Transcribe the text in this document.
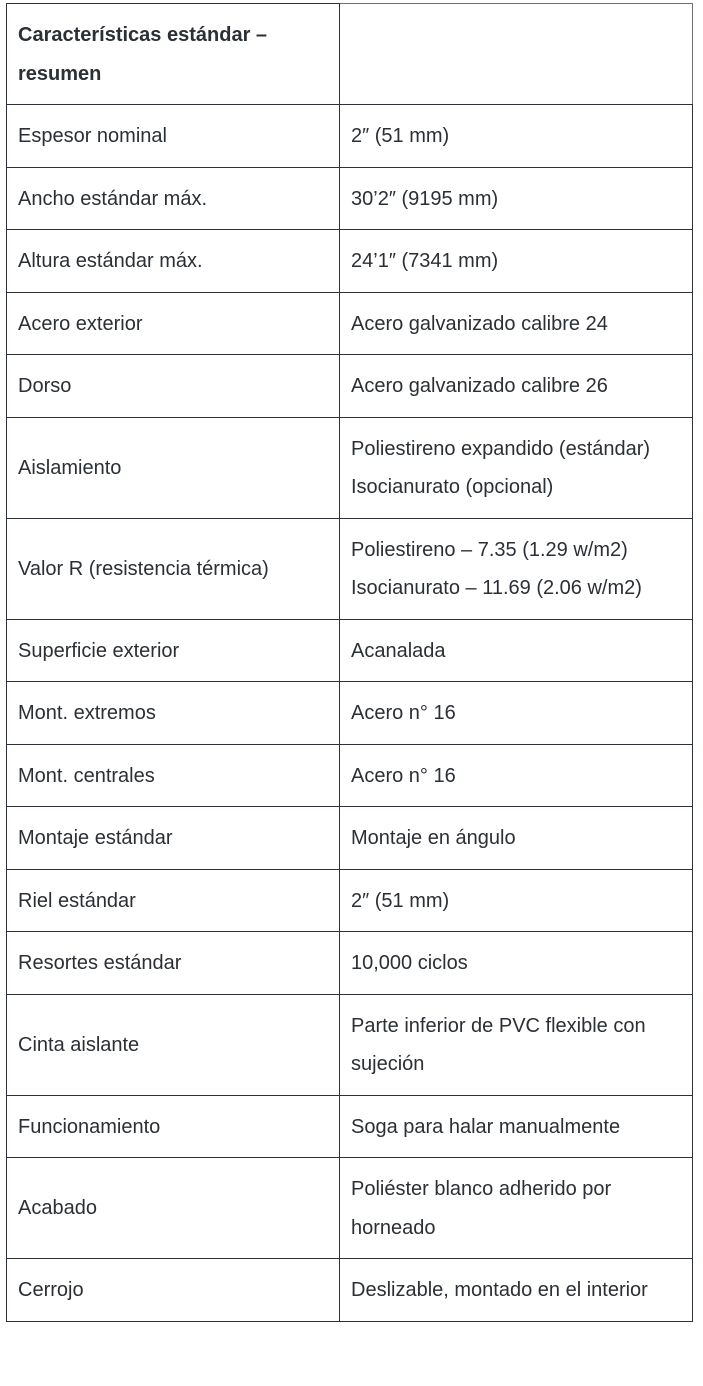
Características estándar – resumen	
Espesor nominal	2″ (51 mm)

Ancho estándar máx.	30’2″ (9195 mm)

Altura estándar máx.	24’1″ (7341 mm)

Acero exterior	Acero galvanizado calibre 24

Dorso	Acero galvanizado calibre 26

Aislamiento	Poliestireno expandido (estándar)
Isocianurato (opcional)
Valor R (resistencia térmica)	Poliestireno – 7.35 (1.29 w/m2)
Isocianurato – 11.69 (2.06 w/m2)

Superficie exterior	Acanalada

Mont. extremos	Acero n° 16

Mont. centrales	Acero n° 16

Montaje estándar	Montaje en ángulo

Riel estándar	2″ (51 mm)

Resortes estándar	10,000 ciclos

Cinta aislante	Parte inferior de PVC flexible con sujeción
Funcionamiento	Soga para halar manualmente

Acabado	Poliéster blanco adherido por horneado
Cerrojo	Deslizable, montado en el interior
